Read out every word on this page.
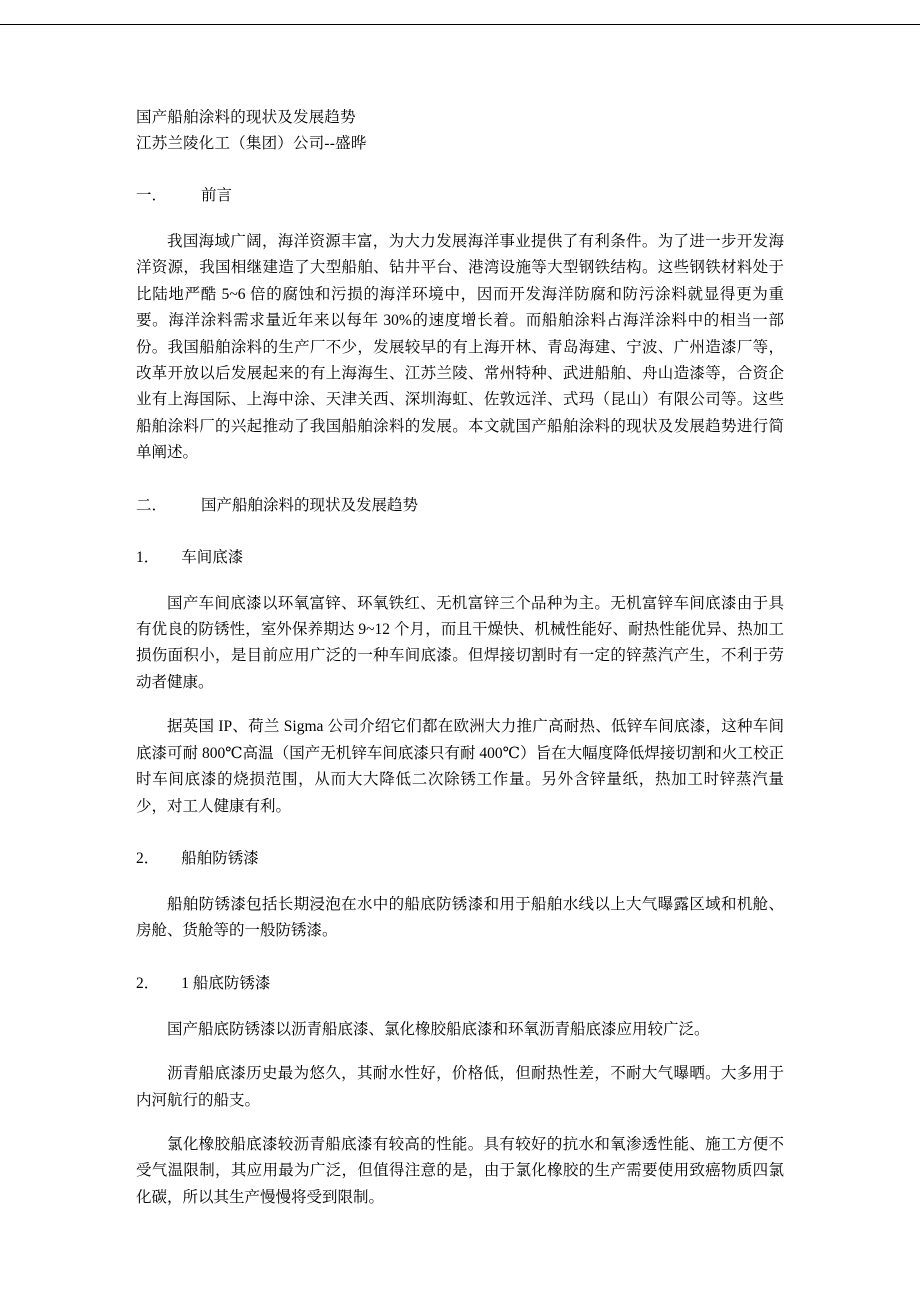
国产船舶涂料的现状及发展趋势
江苏兰陵化工（集团）公司--盛晔
一． 前言
我国海域广阔，海洋资源丰富，为大力发展海洋事业提供了有利条件。为了进一步开发海洋资源，我国相继建造了大型船舶、钻井平台、港湾设施等大型钢铁结构。这些钢铁材料处于比陆地严酷 5~6 倍的腐蚀和污损的海洋环境中，因而开发海洋防腐和防污涂料就显得更为重要。海洋涂料需求量近年来以每年 30%的速度增长着。而船舶涂料占海洋涂料中的相当一部份。我国船舶涂料的生产厂不少，发展较早的有上海开林、青岛海建、宁波、广州造漆厂等，改革开放以后发展起来的有上海海生、江苏兰陵、常州特种、武进船舶、舟山造漆等，合资企业有上海国际、上海中涂、天津关西、深圳海虹、佐敦远洋、式玛（昆山）有限公司等。这些船舶涂料厂的兴起推动了我国船舶涂料的发展。本文就国产船舶涂料的现状及发展趋势进行简单阐述。
二． 国产船舶涂料的现状及发展趋势
1． 车间底漆
国产车间底漆以环氧富锌、环氧铁红、无机富锌三个品种为主。无机富锌车间底漆由于具有优良的防锈性，室外保养期达 9~12 个月，而且干燥快、机械性能好、耐热性能优异、热加工损伤面积小，是目前应用广泛的一种车间底漆。但焊接切割时有一定的锌蒸汽产生，不利于劳动者健康。
据英国 IP、荷兰 Sigma 公司介绍它们都在欧洲大力推广高耐热、低锌车间底漆，这种车间底漆可耐 800℃高温（国产无机锌车间底漆只有耐 400℃）旨在大幅度降低焊接切割和火工校正时车间底漆的烧损范围，从而大大降低二次除锈工作量。另外含锌量纸，热加工时锌蒸汽量少，对工人健康有利。
2． 船舶防锈漆
船舶防锈漆包括长期浸泡在水中的船底防锈漆和用于船舶水线以上大气曝露区域和机舱、房舱、货舱等的一般防锈漆。
2． 1 船底防锈漆
国产船底防锈漆以沥青船底漆、氯化橡胶船底漆和环氧沥青船底漆应用较广泛。
沥青船底漆历史最为悠久，其耐水性好，价格低，但耐热性差，不耐大气曝晒。大多用于内河航行的船支。
氯化橡胶船底漆较沥青船底漆有较高的性能。具有较好的抗水和氧渗透性能、施工方便不受气温限制，其应用最为广泛，但值得注意的是，由于氯化橡胶的生产需要使用致癌物质四氯化碳，所以其生产慢慢将受到限制。
